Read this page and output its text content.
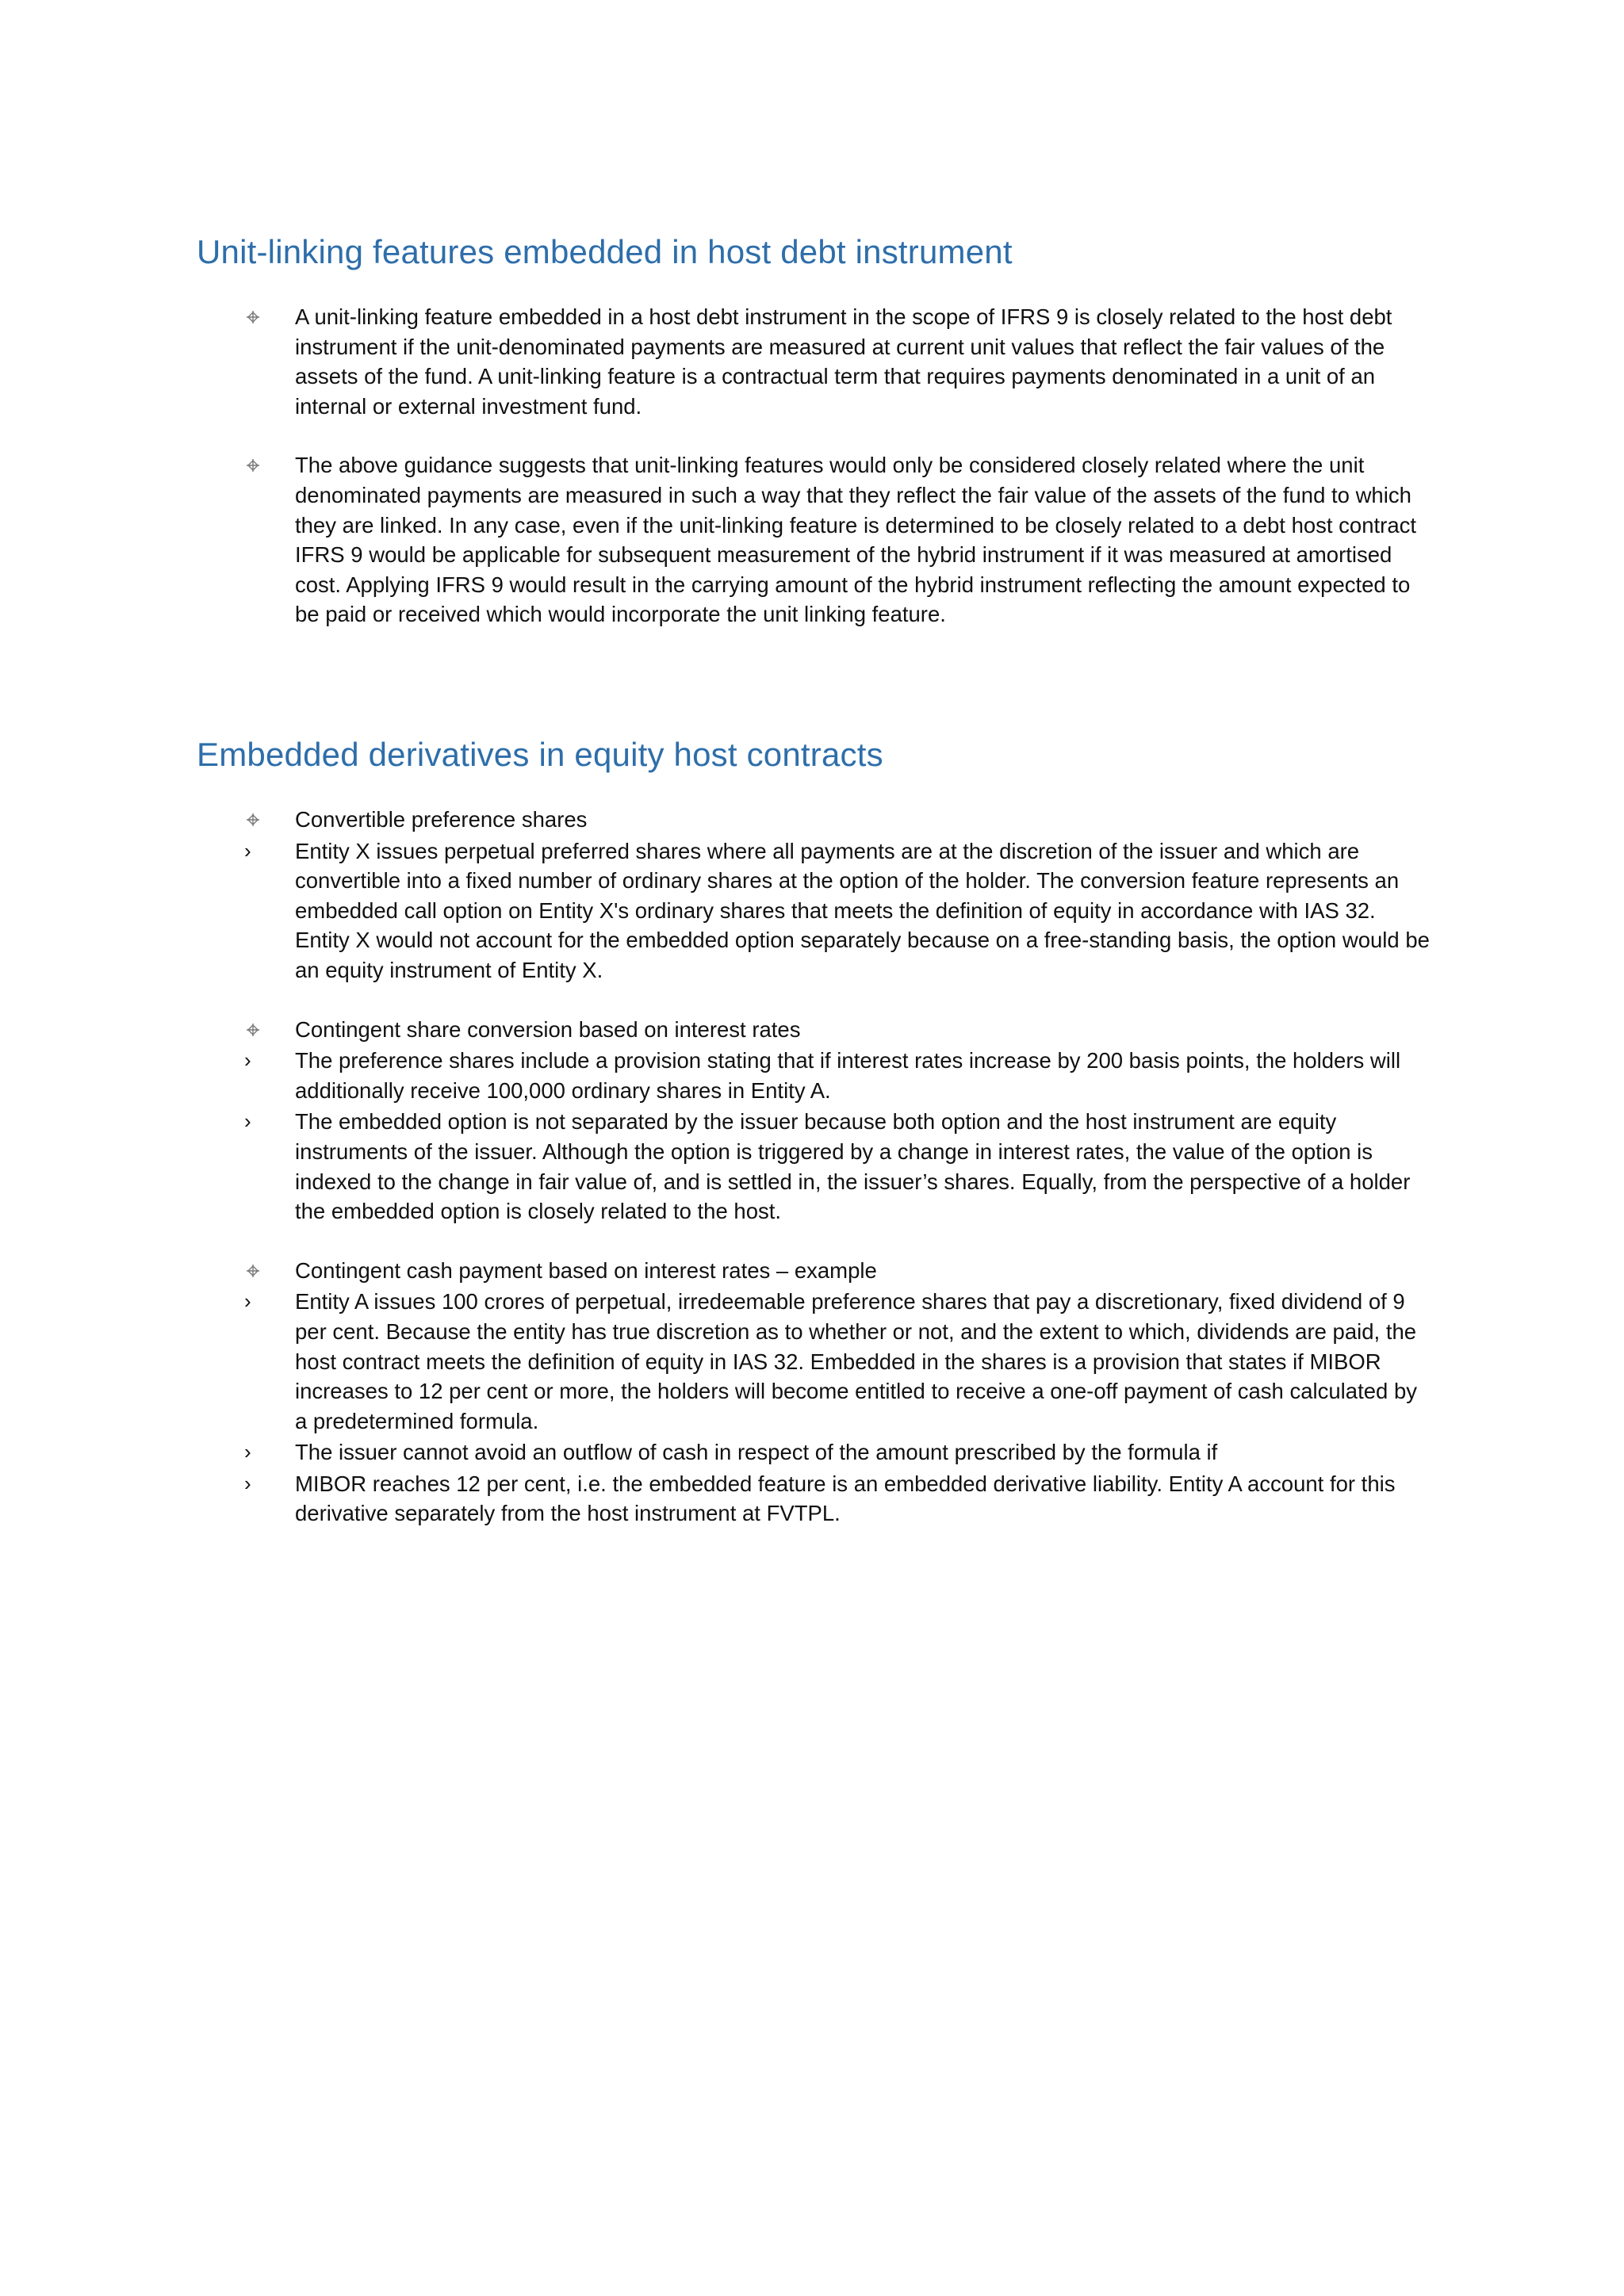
Unit-linking features embedded in host debt instrument

A unit-linking feature embedded in a host debt instrument in the scope of IFRS 9 is closely related to the host debt instrument if the unit-denominated payments are measured at current unit values that reflect the fair values of the assets of the fund. A unit-linking feature is a contractual term that requires payments denominated in a unit of an internal or external investment fund.

The above guidance suggests that unit-linking features would only be considered closely related where the unit denominated payments are measured in such a way that they reflect the fair value of the assets of the fund to which they are linked. In any case, even if the unit-linking feature is determined to be closely related to a debt host contract IFRS 9 would be applicable for subsequent measurement of the hybrid instrument if it was measured at amortised cost. Applying IFRS 9 would result in the carrying amount of the hybrid instrument reflecting the amount expected to be paid or received which would incorporate the unit linking feature.

Embedded derivatives in equity host contracts

Convertible preference shares

› Entity X issues perpetual preferred shares where all payments are at the discretion of the issuer and which are convertible into a fixed number of ordinary shares at the option of the holder. The conversion feature represents an embedded call option on Entity X's ordinary shares that meets the definition of equity in accordance with IAS 32. Entity X would not account for the embedded option separately because on a free-standing basis, the option would be an equity instrument of Entity X.

Contingent share conversion based on interest rates

› The preference shares include a provision stating that if interest rates increase by 200 basis points, the holders will additionally receive 100,000 ordinary shares in Entity A.
› The embedded option is not separated by the issuer because both option and the host instrument are equity instruments of the issuer. Although the option is triggered by a change in interest rates, the value of the option is indexed to the change in fair value of, and is settled in, the issuer’s shares. Equally, from the perspective of a holder the embedded option is closely related to the host.

Contingent cash payment based on interest rates – example

› Entity A issues 100 crores of perpetual, irredeemable preference shares that pay a discretionary, fixed dividend of 9 per cent. Because the entity has true discretion as to whether or not, and the extent to which, dividends are paid, the host contract meets the definition of equity in IAS 32. Embedded in the shares is a provision that states if MIBOR increases to 12 per cent or more, the holders will become entitled to receive a one-off payment of cash calculated by a predetermined formula.
› The issuer cannot avoid an outflow of cash in respect of the amount prescribed by the formula if
› MIBOR reaches 12 per cent, i.e. the embedded feature is an embedded derivative liability. Entity A account for this derivative separately from the host instrument at FVTPL.
